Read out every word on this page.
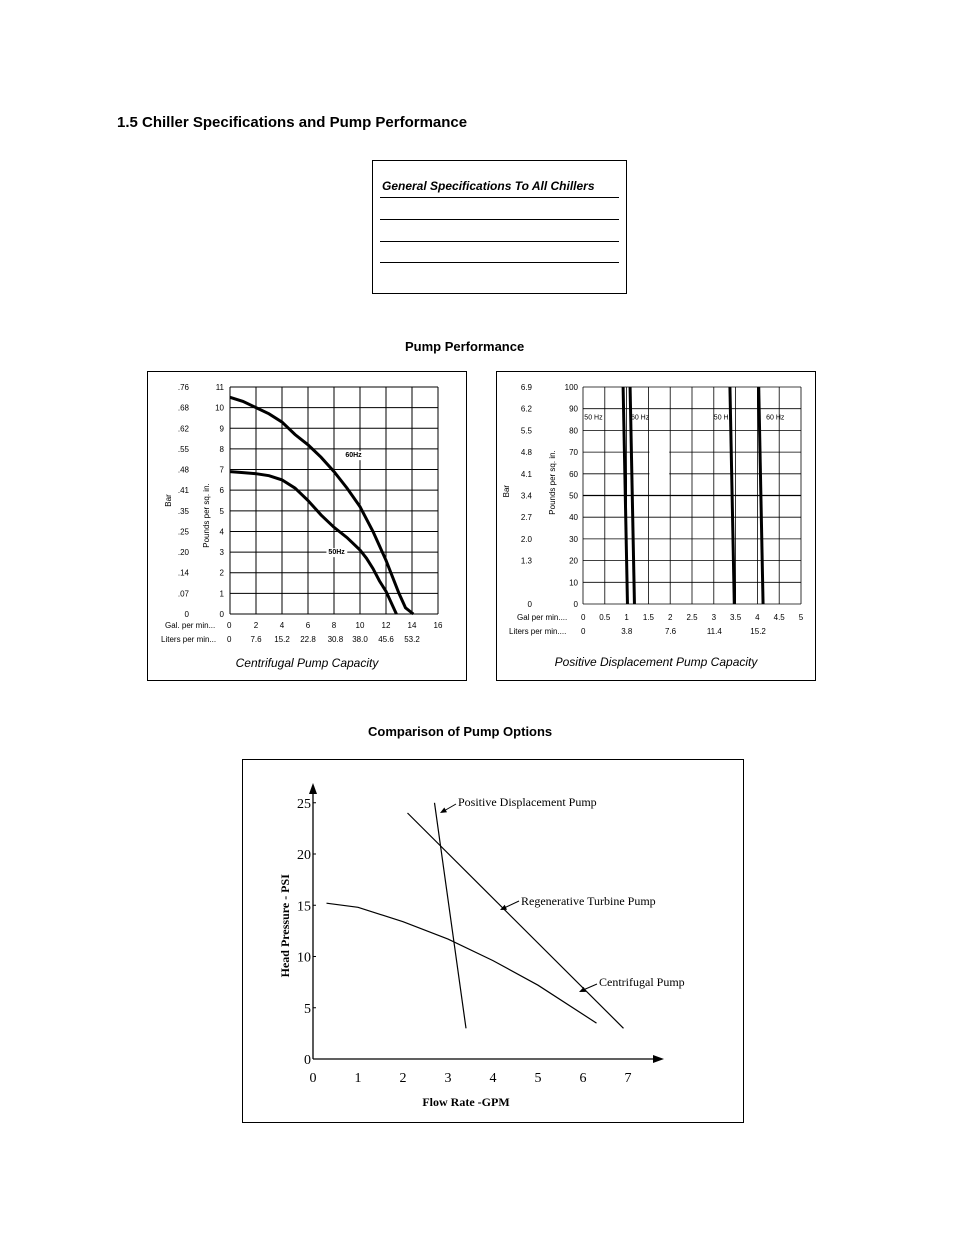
1.5 Chiller Specifications and Pump Performance
General Specifications To All Chillers
Pump Performance
0
1
2
3
4
5
6
7
8
9
10
11
0
.07
.14
.20
.25
.35
.41
.48
.55
.62
.68
.76
Bar	Pounds per sq. in.
Gal. per min... 0	2	4	6	8 10 12 14 16
Liters per min... 0 7.6 15.2 22.8 30.8 38.0 45.6 53.2
60Hz
50Hz
Centrifugal Pump Capacity
0
10
20
30
40
50
60
70
80
90
100
0
1.3
2.0
2.7
3.4
4.1
4.8
5.5
6.2
6.9
Bar	Pounds per sq. in.
Gal per min.... 0 0.5 1 1.5 2 2.5 3 3.5 4 4.5 5
Liters per min.... 0	3.8	7.6	11.4	15.2
50 Hz	60 Hz	50 Hz	60 Hz
Positive Displacement Pump Capacity
Comparison of Pump Options
0
5
10
15
20
25
0	1	2	3	4	5	6	7
Head Pressure - PSI
Flow Rate -GPM
Positive Displacement Pump
Regenerative Turbine Pump
Centrifugal Pump
